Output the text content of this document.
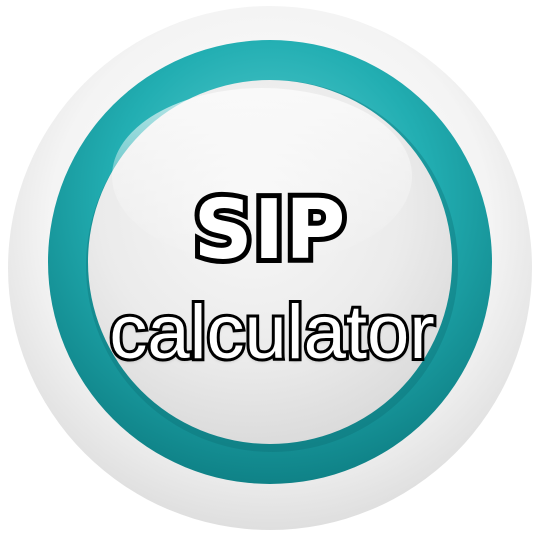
SIP
calculator
